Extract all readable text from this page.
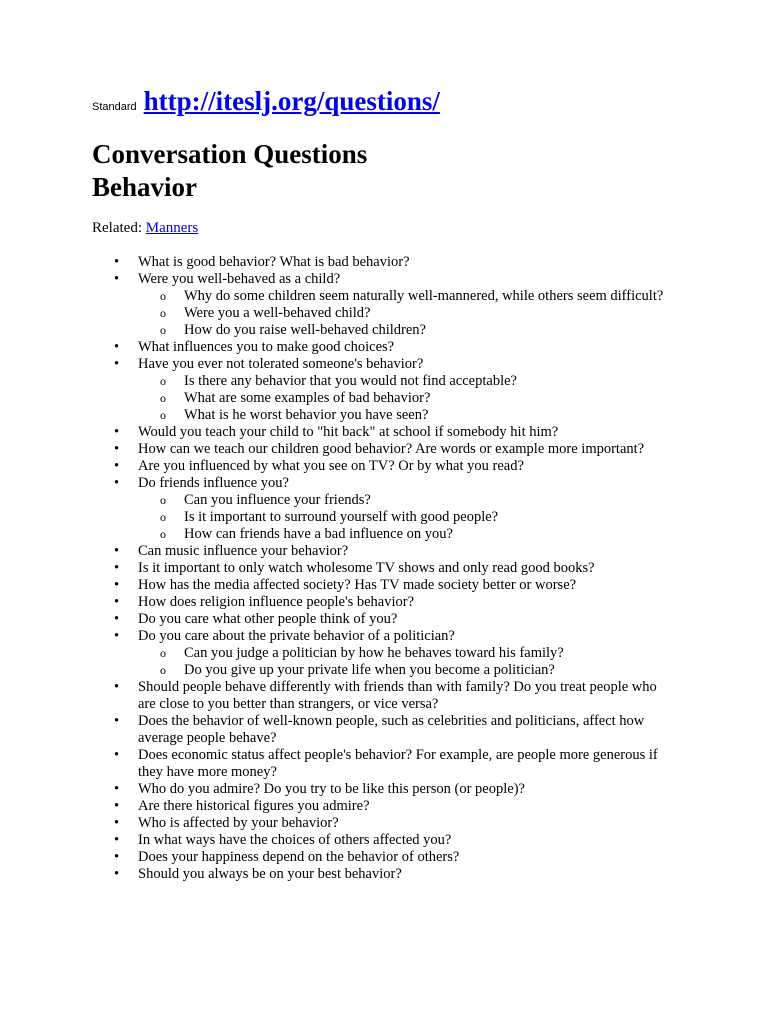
Standard http://iteslj.org/questions/
Conversation Questions
Behavior
Related: Manners
• What is good behavior? What is bad behavior?
• Were you well-behaved as a child?
o Why do some children seem naturally well-mannered, while others seem difficult?
o Were you a well-behaved child?
o How do you raise well-behaved children?
• What influences you to make good choices?
• Have you ever not tolerated someone's behavior?
o Is there any behavior that you would not find acceptable?
o What are some examples of bad behavior?
o What is he worst behavior you have seen?
• Would you teach your child to "hit back" at school if somebody hit him?
• How can we teach our children good behavior? Are words or example more important?
• Are you influenced by what you see on TV? Or by what you read?
• Do friends influence you?
o Can you influence your friends?
o Is it important to surround yourself with good people?
o How can friends have a bad influence on you?
• Can music influence your behavior?
• Is it important to only watch wholesome TV shows and only read good books?
• How has the media affected society? Has TV made society better or worse?
• How does religion influence people's behavior?
• Do you care what other people think of you?
• Do you care about the private behavior of a politician?
o Can you judge a politician by how he behaves toward his family?
o Do you give up your private life when you become a politician?
• Should people behave differently with friends than with family? Do you treat people who are close to you better than strangers, or vice versa?
• Does the behavior of well-known people, such as celebrities and politicians, affect how average people behave?
• Does economic status affect people's behavior? For example, are people more generous if they have more money?
• Who do you admire? Do you try to be like this person (or people)?
• Are there historical figures you admire?
• Who is affected by your behavior?
• In what ways have the choices of others affected you?
• Does your happiness depend on the behavior of others?
• Should you always be on your best behavior?
